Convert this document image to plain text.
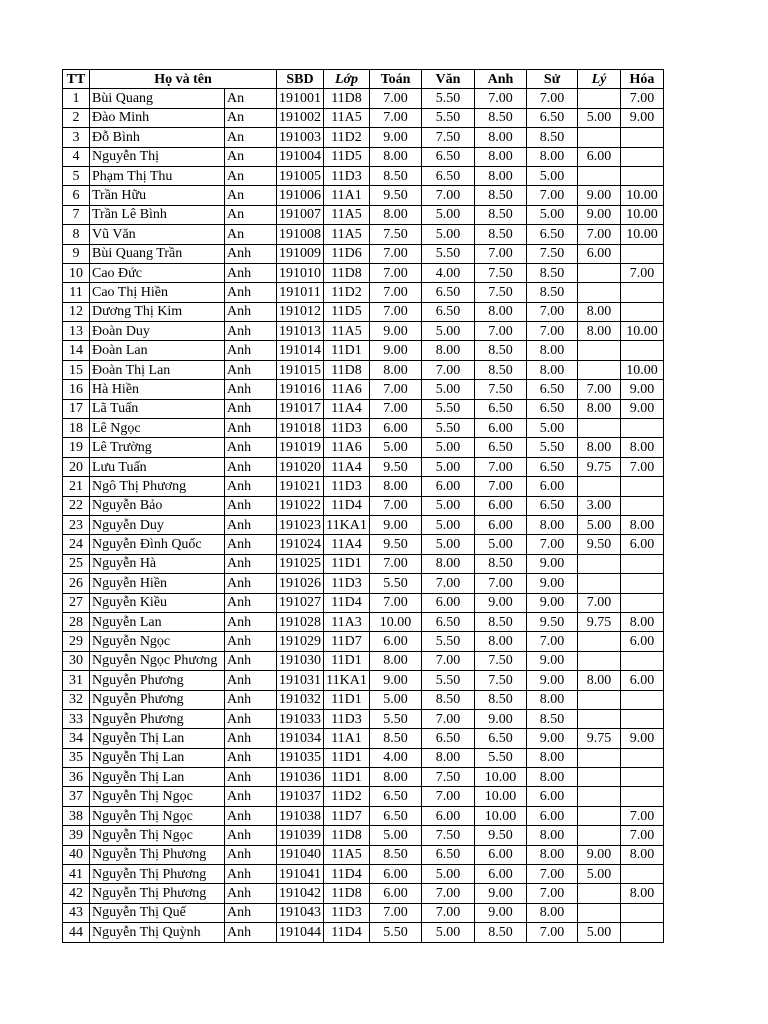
TT	Họ và tên		SBD	Lớp	Toán	Văn	Anh	Sử	Lý	Hóa
1	Bùi Quang	An	191001	11D8	7.00	5.50	7.00	7.00		7.00
2	Đào Minh	An	191002	11A5	7.00	5.50	8.50	6.50	5.00	9.00
3	Đỗ Bình	An	191003	11D2	9.00	7.50	8.00	8.50		
4	Nguyễn Thị	An	191004	11D5	8.00	6.50	8.00	8.00	6.00	
5	Phạm Thị Thu	An	191005	11D3	8.50	6.50	8.00	5.00		
6	Trần Hữu	An	191006	11A1	9.50	7.00	8.50	7.00	9.00	10.00
7	Trần Lê Bình	An	191007	11A5	8.00	5.00	8.50	5.00	9.00	10.00
8	Vũ Văn	An	191008	11A5	7.50	5.00	8.50	6.50	7.00	10.00
9	Bùi Quang Trần	Anh	191009	11D6	7.00	5.50	7.00	7.50	6.00	
10	Cao Đức	Anh	191010	11D8	7.00	4.00	7.50	8.50		7.00
11	Cao Thị Hiền	Anh	191011	11D2	7.00	6.50	7.50	8.50		
12	Dương Thị Kim	Anh	191012	11D5	7.00	6.50	8.00	7.00	8.00	
13	Đoàn Duy	Anh	191013	11A5	9.00	5.00	7.00	7.00	8.00	10.00
14	Đoàn Lan	Anh	191014	11D1	9.00	8.00	8.50	8.00		
15	Đoàn Thị Lan	Anh	191015	11D8	8.00	7.00	8.50	8.00		10.00
16	Hà Hiền	Anh	191016	11A6	7.00	5.00	7.50	6.50	7.00	9.00
17	Lã Tuấn	Anh	191017	11A4	7.00	5.50	6.50	6.50	8.00	9.00
18	Lê Ngọc	Anh	191018	11D3	6.00	5.50	6.00	5.00		
19	Lê Trường	Anh	191019	11A6	5.00	5.00	6.50	5.50	8.00	8.00
20	Lưu Tuấn	Anh	191020	11A4	9.50	5.00	7.00	6.50	9.75	7.00
21	Ngô Thị Phương	Anh	191021	11D3	8.00	6.00	7.00	6.00		
22	Nguyễn Bảo	Anh	191022	11D4	7.00	5.00	6.00	6.50	3.00	
23	Nguyễn Duy	Anh	191023	11KA1	9.00	5.00	6.00	8.00	5.00	8.00
24	Nguyễn Đình Quốc	Anh	191024	11A4	9.50	5.00	5.00	7.00	9.50	6.00
25	Nguyễn Hà	Anh	191025	11D1	7.00	8.00	8.50	9.00		
26	Nguyễn Hiền	Anh	191026	11D3	5.50	7.00	7.00	9.00		
27	Nguyễn Kiều	Anh	191027	11D4	7.00	6.00	9.00	9.00	7.00	
28	Nguyễn Lan	Anh	191028	11A3	10.00	6.50	8.50	9.50	9.75	8.00
29	Nguyễn Ngọc	Anh	191029	11D7	6.00	5.50	8.00	7.00		6.00
30	Nguyễn Ngọc Phương	Anh	191030	11D1	8.00	7.00	7.50	9.00		
31	Nguyễn Phương	Anh	191031	11KA1	9.00	5.50	7.50	9.00	8.00	6.00
32	Nguyễn Phương	Anh	191032	11D1	5.00	8.50	8.50	8.00		
33	Nguyễn Phương	Anh	191033	11D3	5.50	7.00	9.00	8.50		
34	Nguyễn Thị Lan	Anh	191034	11A1	8.50	6.50	6.50	9.00	9.75	9.00
35	Nguyễn Thị Lan	Anh	191035	11D1	4.00	8.00	5.50	8.00		
36	Nguyễn Thị Lan	Anh	191036	11D1	8.00	7.50	10.00	8.00		
37	Nguyễn Thị Ngọc	Anh	191037	11D2	6.50	7.00	10.00	6.00		
38	Nguyễn Thị Ngọc	Anh	191038	11D7	6.50	6.00	10.00	6.00		7.00
39	Nguyễn Thị Ngọc	Anh	191039	11D8	5.00	7.50	9.50	8.00		7.00
40	Nguyễn Thị Phương	Anh	191040	11A5	8.50	6.50	6.00	8.00	9.00	8.00
41	Nguyễn Thị Phương	Anh	191041	11D4	6.00	5.00	6.00	7.00	5.00	
42	Nguyễn Thị Phương	Anh	191042	11D8	6.00	7.00	9.00	7.00		8.00
43	Nguyễn Thị Quế	Anh	191043	11D3	7.00	7.00	9.00	8.00		
44	Nguyễn Thị Quỳnh	Anh	191044	11D4	5.50	5.00	8.50	7.00	5.00	
